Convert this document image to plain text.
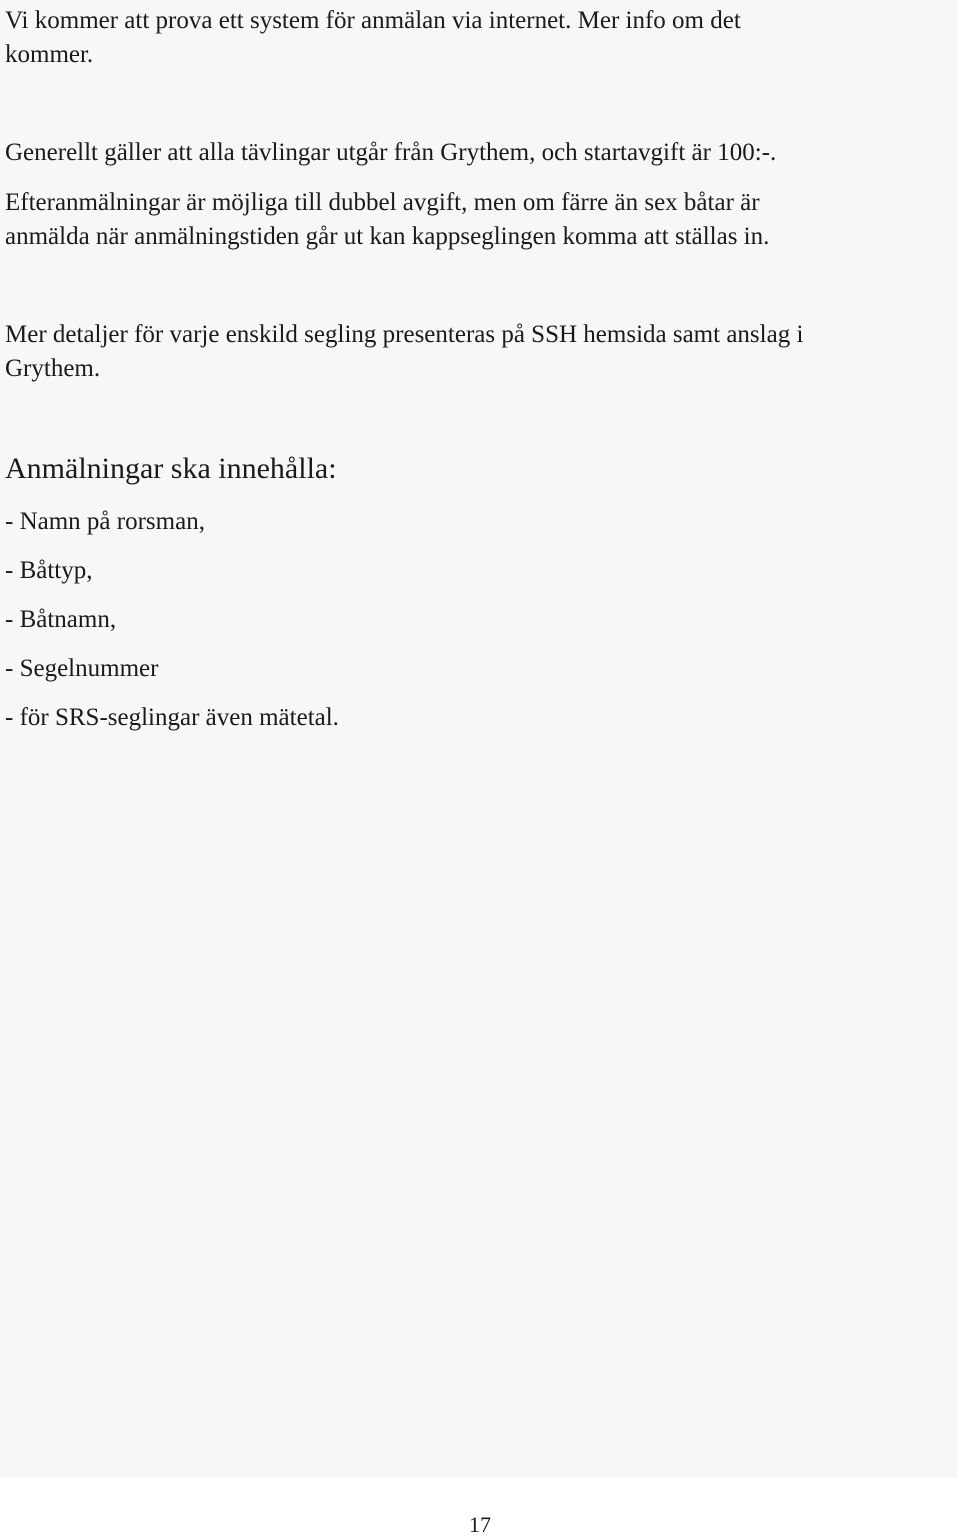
Vi kommer att prova ett system för anmälan via internet. Mer info om det
kommer.
Generellt gäller att alla tävlingar utgår från Grythem, och startavgift är 100:-.
Efteranmälningar är möjliga till dubbel avgift, men om färre än sex båtar är
anmälda när anmälningstiden går ut kan kappseglingen komma att ställas in.
Mer detaljer för varje enskild segling presenteras på SSH hemsida samt anslag i
Grythem.
Anmälningar ska innehålla:
- Namn på rorsman,
- Båttyp,
- Båtnamn,
- Segelnummer
- för SRS-seglingar även mätetal.
17
